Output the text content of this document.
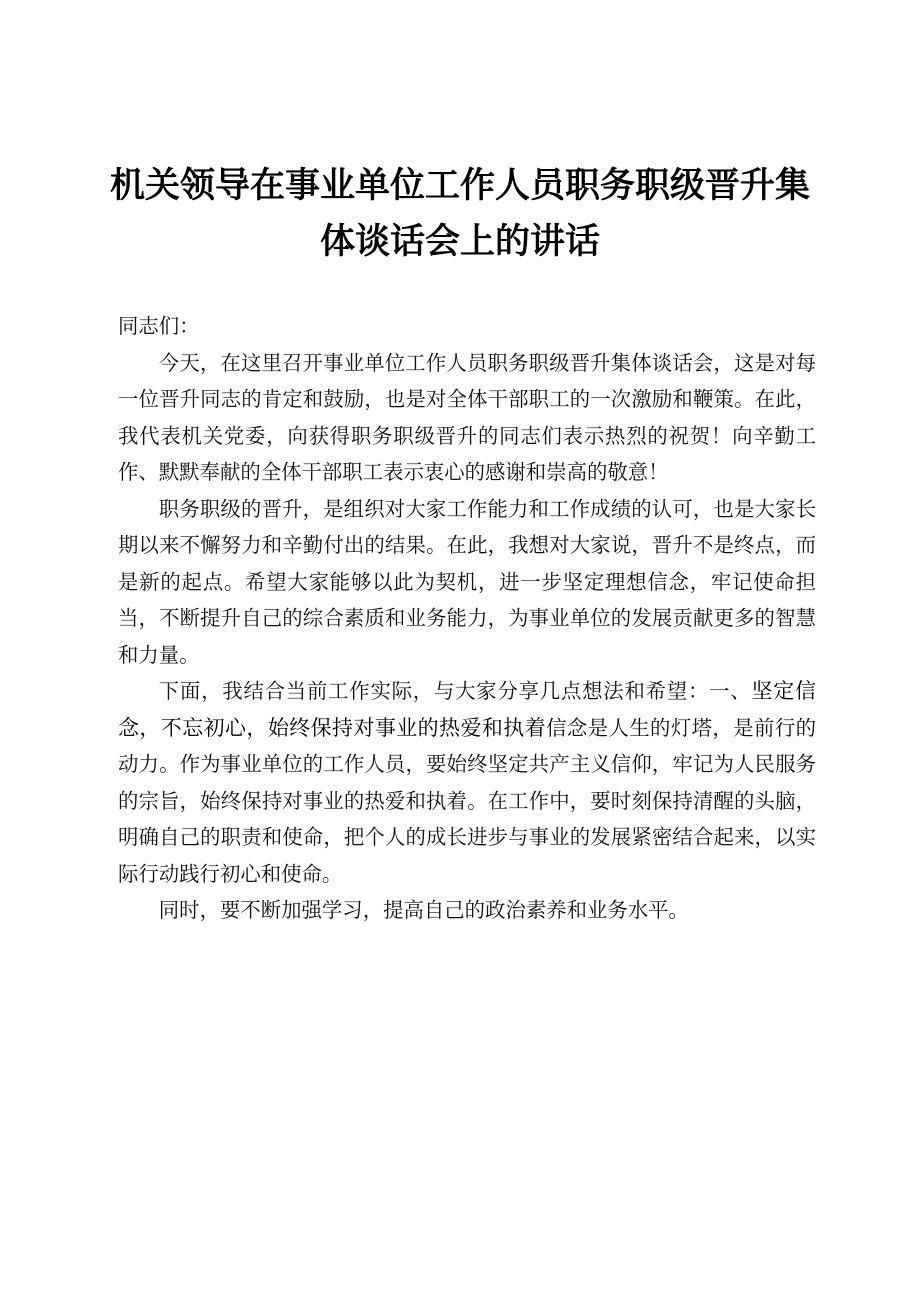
机关领导在事业单位工作人员职务职级晋升集
体谈话会上的讲话

同志们：

今天，在这里召开事业单位工作人员职务职级晋升集体谈话会，这是对每一位晋升同志的肯定和鼓励，也是对全体干部职工的一次激励和鞭策。在此，我代表机关党委，向获得职务职级晋升的同志们表示热烈的祝贺！向辛勤工作、默默奉献的全体干部职工表示衷心的感谢和崇高的敬意！

职务职级的晋升，是组织对大家工作能力和工作成绩的认可，也是大家长期以来不懈努力和辛勤付出的结果。在此，我想对大家说，晋升不是终点，而是新的起点。希望大家能够以此为契机，进一步坚定理想信念，牢记使命担当，不断提升自己的综合素质和业务能力，为事业单位的发展贡献更多的智慧和力量。

下面，我结合当前工作实际，与大家分享几点想法和希望：一、坚定信念，不忘初心，始终保持对事业的热爱和执着信念是人生的灯塔，是前行的动力。作为事业单位的工作人员，要始终坚定共产主义信仰，牢记为人民服务的宗旨，始终保持对事业的热爱和执着。在工作中，要时刻保持清醒的头脑，明确自己的职责和使命，把个人的成长进步与事业的发展紧密结合起来，以实际行动践行初心和使命。

同时，要不断加强学习，提高自己的政治素养和业务水平。
